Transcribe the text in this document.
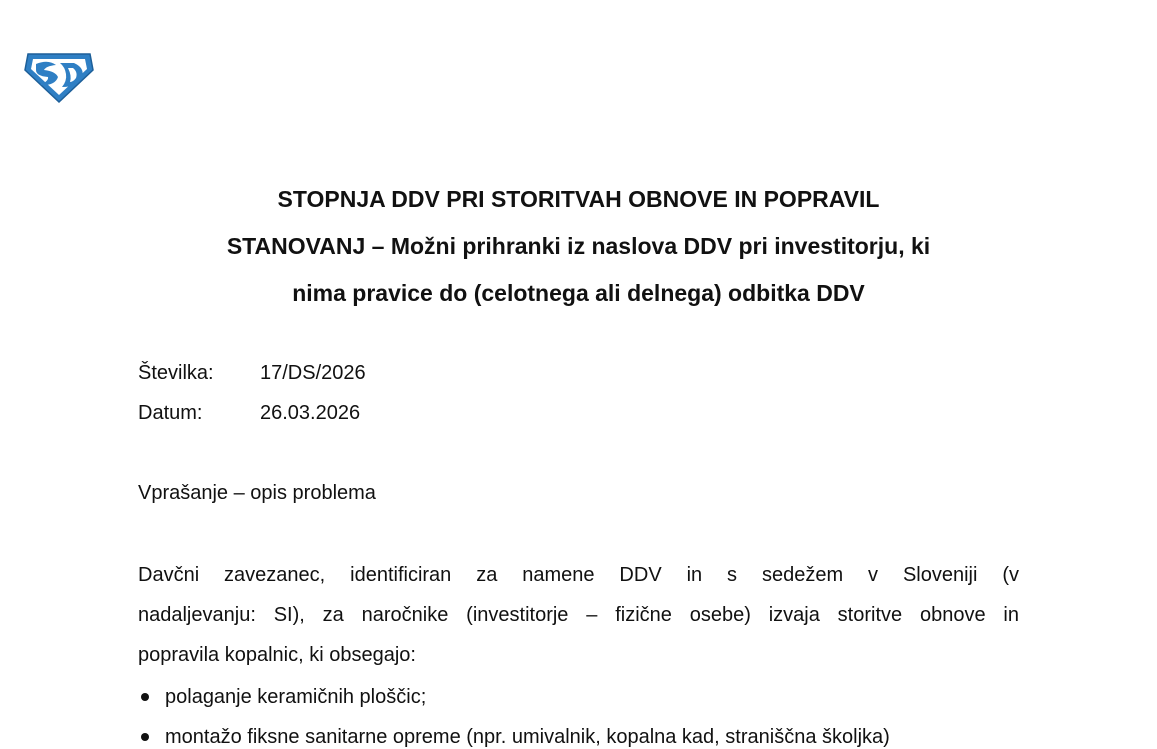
STOPNJA DDV PRI STORITVAH OBNOVE IN POPRAVIL
STANOVANJ – Možni prihranki iz naslova DDV pri investitorju, ki
nima pravice do (celotnega ali delnega) odbitka DDV
Številka: 17/DS/2026
Datum:	26.03.2026
Vprašanje – opis problema
Davčni zavezanec, identificiran za namene DDV in s sedežem v Sloveniji (v
nadaljevanju: SI), za naročnike (investitorje – fizične osebe) izvaja storitve obnove in
popravila kopalnic, ki obsegajo:
polaganje keramičnih ploščic;
montažo fiksne sanitarne opreme (npr. umivalnik, kopalna kad, straniščna školjka)
